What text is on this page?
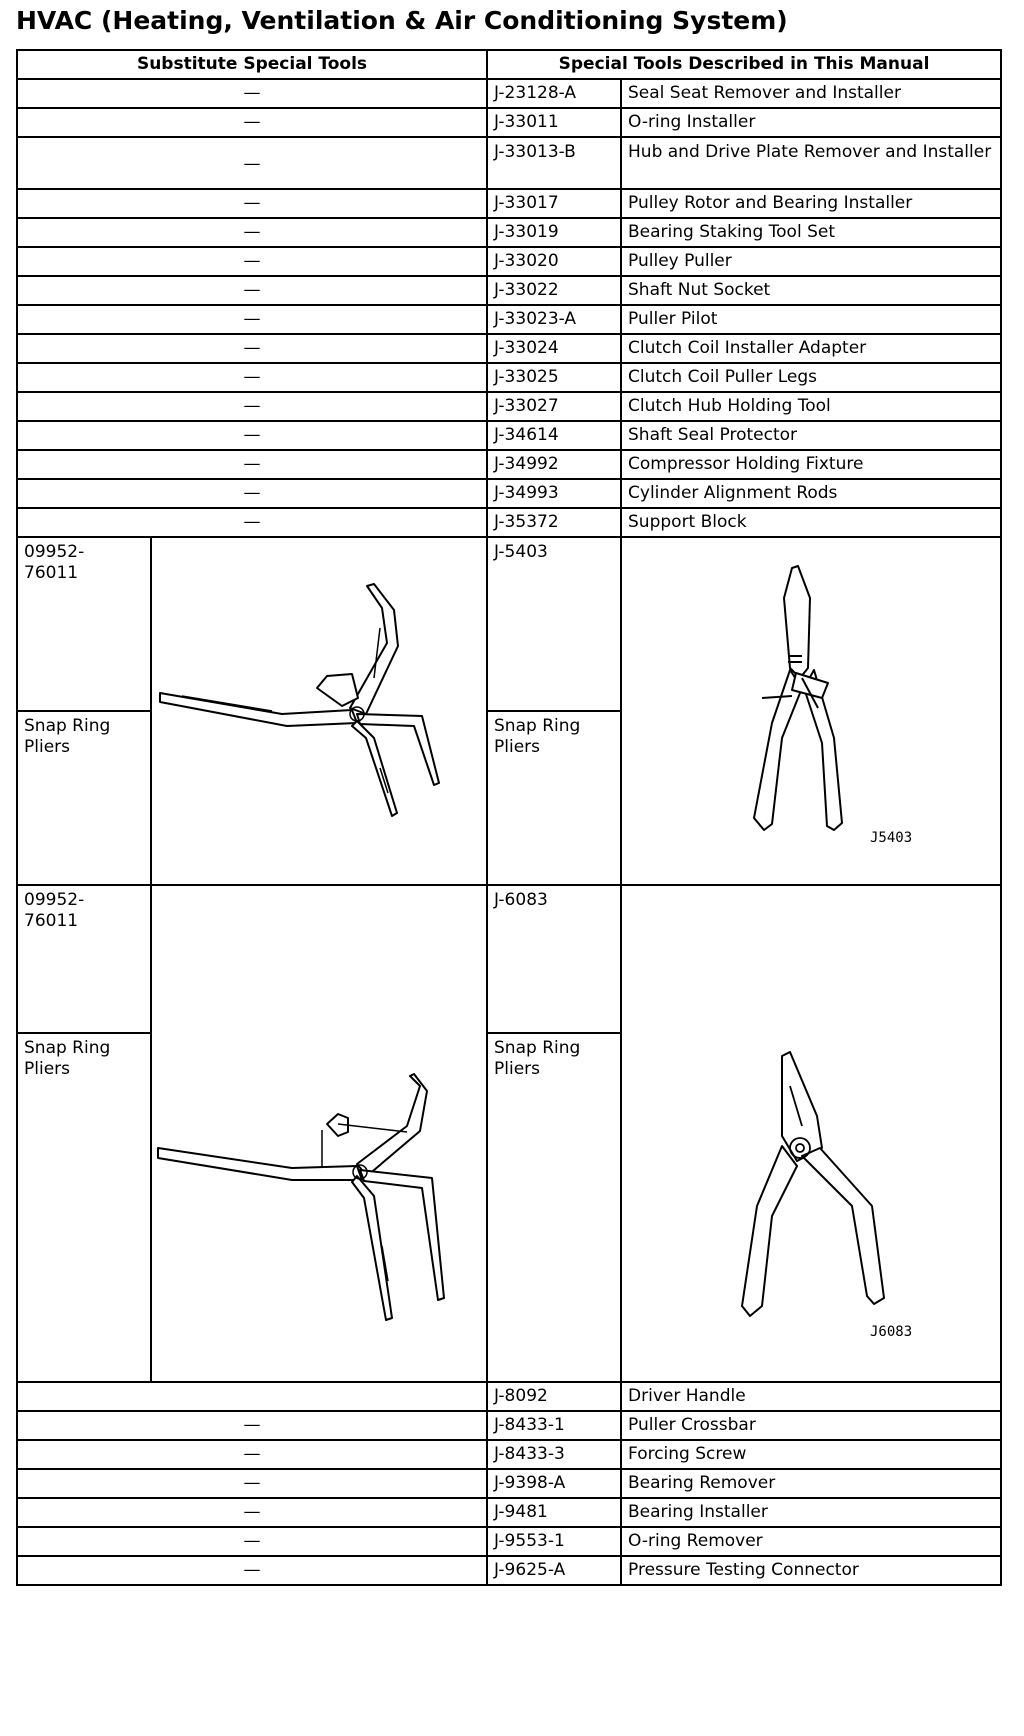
HVAC (Heating, Ventilation & Air Conditioning System)
Substitute Special Tools		Special Tools Described in This Manual	
—		J-23128-A	Seal Seat Remover and Installer
—		J-33011	O-ring Installer
—		J-33013-B	Hub and Drive Plate Remover and Installer
—		J-33017	Pulley Rotor and Bearing Installer
—		J-33019	Bearing Staking Tool Set
—		J-33020	Pulley Puller
—		J-33022	Shaft Nut Socket
—		J-33023-A	Puller Pilot
—		J-33024	Clutch Coil Installer Adapter
—		J-33025	Clutch Coil Puller Legs
—		J-33027	Clutch Hub Holding Tool
—		J-34614	Shaft Seal Protector
—		J-34992	Compressor Holding Fixture
—		J-34993	Cylinder Alignment Rods
—		J-35372	Support Block

09952-76011		J-5403	J5403

Snap Ring Pliers		Snap Ring Pliers	

09952-76011		J-6083	J6083

Snap Ring Pliers		Snap Ring Pliers	
		J-8092	Driver Handle
—		J-8433-1	Puller Crossbar
—		J-8433-3	Forcing Screw
—		J-9398-A	Bearing Remover
—		J-9481	Bearing Installer
—		J-9553-1	O-ring Remover
—		J-9625-A	Pressure Testing Connector
